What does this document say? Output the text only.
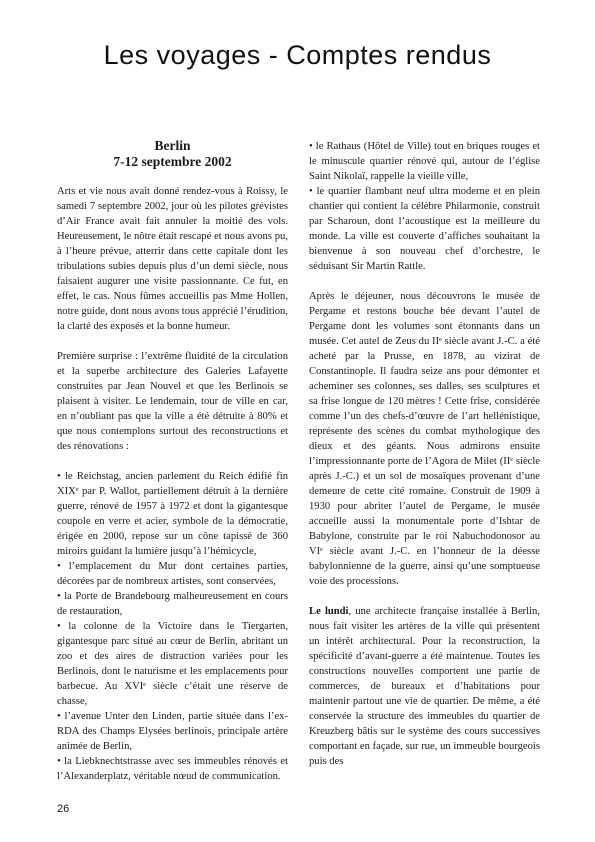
Les voyages - Comptes rendus
Berlin
7-12 septembre 2002

Arts et vie nous avait donné rendez-vous à Roissy, le samedi 7 septembre 2002, jour où les pilotes grévistes d’Air France avait fait annuler la moitié des vols. Heureusement, le nôtre était rescapé et nous avons pu, à l’heure prévue, atterrir dans cette capitale dont les tribulations subies depuis plus d’un demi siècle, nous faisaient augurer une visite passionnante. Ce fut, en effet, le cas. Nous fûmes accueillis pas Mme Hollen, notre guide, dont nous avons tous apprécié l’érudition, la clarté des exposés et la bonne humeur.

Première surprise : l’extrême fluidité de la circulation et la superbe architecture des Galeries Lafayette construites par Jean Nouvel et que les Berlinois se plaisent à visiter. Le lendemain, tour de ville en car, en n’oubliant pas que la ville a été détruite à 80% et que nous contemplons surtout des reconstructions et des rénovations :

• le Reichstag, ancien parlement du Reich édifié fin XIXᵉ par P. Wallot, partiellement détruit à la dernière guerre, rénové de 1957 à 1972 et dont la gigantesque coupole en verre et acier, symbole de la démocratie, érigée en 2000, repose sur un cône tapissé de 360 miroirs guidant la lumière jusqu’à l’hémicycle,
• l’emplacement du Mur dont certaines parties, décorées par de nombreux artistes, sont conservées,
• la Porte de Brandebourg malheureusement en cours de restauration,
• la colonne de la Victoire dans le Tiergarten, gigantesque parc situé au cœur de Berlin, abritant un zoo et des aires de distraction variées pour les Berlinois, dont le naturisme et les emplacements pour barbecue. Au XVIᵉ siècle c’était une réserve de chasse,
• l’avenue Unter den Linden, partie située dans l’ex-RDA des Champs Elysées berlinois, principale artère animée de Berlin,
• la Liebknechtstrasse avec ses immeubles rénovés et l’Alexanderplatz, véritable nœud de communication.
• le Rathaus (Hôtel de Ville) tout en briques rouges et le minuscule quartier rénové qui, autour de l’église Saint Nikolaï, rappelle la vieille ville,
• le quartier flambant neuf ultra moderne et en plein chantier qui contient la célèbre Philarmonie, construit par Scharoun, dont l’acoustique est la meilleure du monde. La ville est couverte d’affiches souhaitant la bienvenue à son nouveau chef d’orchestre, le séduisant Sir Martin Rattle.

Après le déjeuner, nous découvrons le musée de Pergame et restons bouche bée devant l’autel de Pergame dont les volumes sont étonnants dans un musée. Cet autel de Zeus du IIᵉ siècle avant J.-C. a été acheté par la Prusse, en 1878, au vizirat de Constantinople. Il faudra seize ans pour démonter et acheminer ses colonnes, ses dalles, ses sculptures et sa frise longue de 120 mètres ! Cette frise, considérée comme l’un des chefs-d’œuvre de l’art hellénistique, représente des scènes du combat mythologique des dieux et des géants. Nous admirons ensuite l’impressionnante porte de l’Agora de Milet (IIᵉ siècle après J.-C.) et un sol de mosaïques provenant d’une demeure de cette cité romaine. Construit de 1909 à 1930 pour abriter l’autel de Pergame, le musée accueille aussi la monumentale porte d’Ishtar de Babylone, construite par le roi Nabuchodonosor au VIᵉ siècle avant J.-C. en l’honneur de la déesse babylonnienne de la guerre, ainsi qu’une somptueuse voie des processions.

Le lundi, une architecte française installée à Berlin, nous fait visiter les artères de la ville qui présentent un intérêt architectural. Pour la reconstruction, la spécificité d’avant-guerre a été maintenue. Toutes les constructions nouvelles comportent une partie de commerces, de bureaux et d’habitations pour maintenir partout une vie de quartier. De même, a été conservée la structure des immeubles du quartier de Kreuzberg bâtis sur le système des cours successives comportant en façade, sur rue, un immeuble bourgeois puis des

26
